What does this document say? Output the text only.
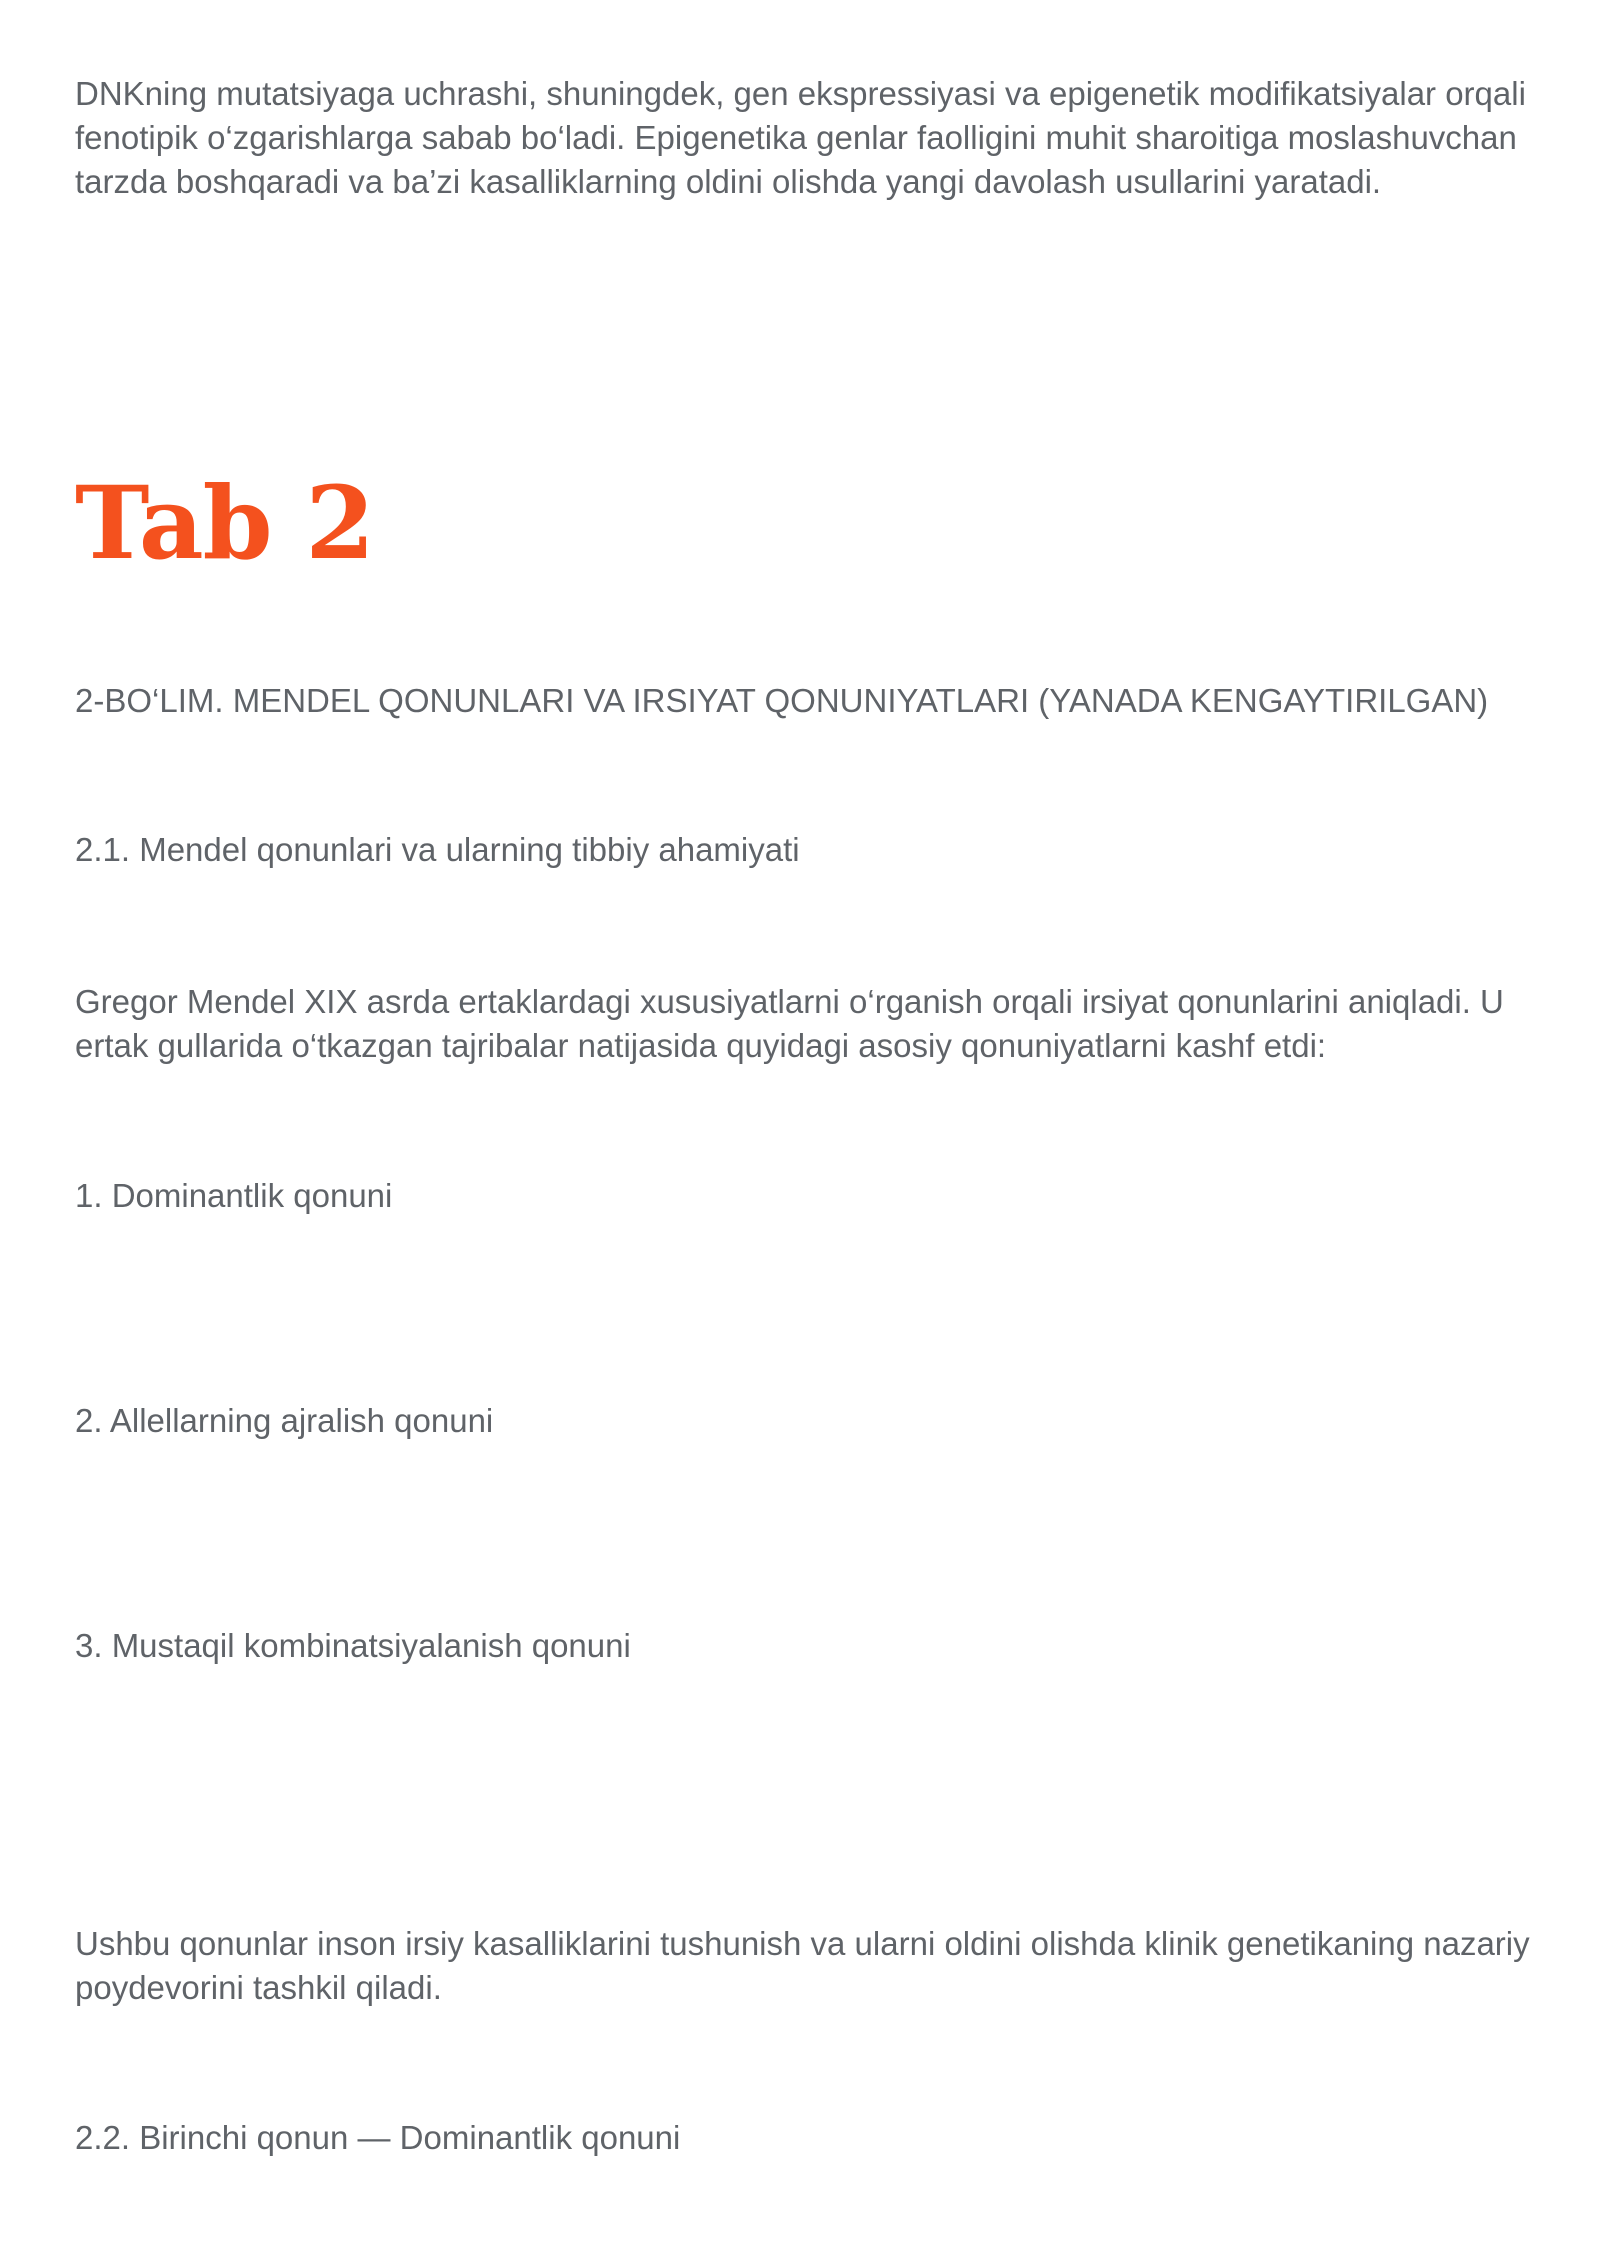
DNKning mutatsiyaga uchrashi, shuningdek, gen ekspressiyasi va epigenetik modifikatsiyalar orqali fenotipik o‘zgarishlarga sabab bo‘ladi. Epigenetika genlar faolligini muhit sharoitiga moslashuvchan tarzda boshqaradi va ba’zi kasalliklarning oldini olishda yangi davolash usullarini yaratadi.

Tab 2

2-BO‘LIM. MENDEL QONUNLARI VA IRSIYAT QONUNIYATLARI (YANADA KENGAYTIRILGAN)

2.1. Mendel qonunlari va ularning tibbiy ahamiyati

Gregor Mendel XIX asrda ertaklardagi xususiyatlarni o‘rganish orqali irsiyat qonunlarini aniqladi. U ertak gullarida o‘tkazgan tajribalar natijasida quyidagi asosiy qonuniyatlarni kashf etdi:

1. Dominantlik qonuni

2. Allellarning ajralish qonuni

3. Mustaqil kombinatsiyalanish qonuni

Ushbu qonunlar inson irsiy kasalliklarini tushunish va ularni oldini olishda klinik genetikaning nazariy poydevorini tashkil qiladi.

2.2. Birinchi qonun — Dominantlik qonuni
